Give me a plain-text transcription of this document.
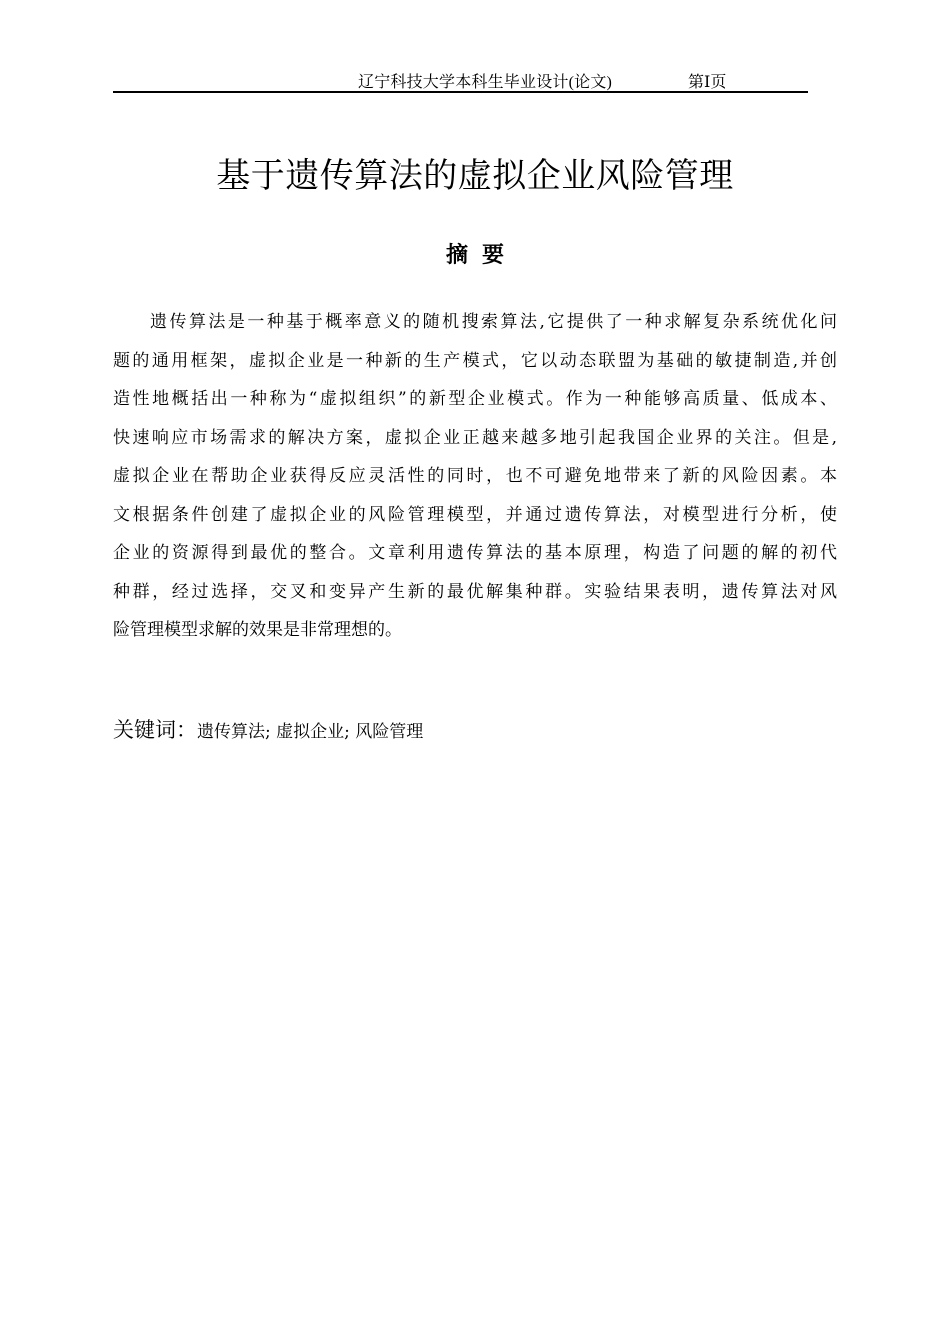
辽宁科技大学本科生毕业设计(论文)	第Ⅰ页
基于遗传算法的虚拟企业风险管理
摘要
遗传算法是一种基于概率意义的随机搜索算法,它提供了一种求解复杂系统优化问
题的通用框架，虚拟企业是一种新的生产模式，它以动态联盟为基础的敏捷制造,并创
造性地概括出一种称为“虚拟组织”的新型企业模式。作为一种能够高质量、低成本、
快速响应市场需求的解决方案，虚拟企业正越来越多地引起我国企业界的关注。但是,
虚拟企业在帮助企业获得反应灵活性的同时，也不可避免地带来了新的风险因素。本
文根据条件创建了虚拟企业的风险管理模型，并通过遗传算法，对模型进行分析，使
企业的资源得到最优的整合。文章利用遗传算法的基本原理，构造了问题的解的初代
种群，经过选择，交叉和变异产生新的最优解集种群。实验结果表明，遗传算法对风
险管理模型求解的效果是非常理想的。
关键词：遗传算法; 虚拟企业; 风险管理
